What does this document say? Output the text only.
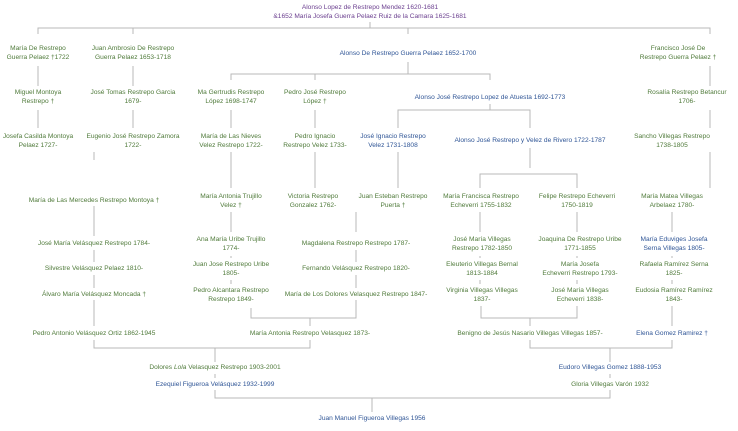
Alonso Lopez de Restrepo Mendez 1620-1681
&1652 María Josefa Guerra Pelaez Ruiz de la Camara 1625-1681
María De Restrepo
Guerra Pelaez †1722
Juan Ambrosio De Restrepo
Guerra Pelaez 1653-1718
Alonso De Restrepo Guerra Pelaez 1652-1700
Francisco José De
Restrepo Guerra Pelaez †
Miguel Montoya
Restrepo †
José Tomas Restrepo Garcia
1679-
Ma Gertrudis Restrepo
López 1698-1747
Pedro José Restrepo
López †
Alonso José Restrepo Lopez de Atuesta 1692-1773
Rosalía Restrepo Betancur
1706-
Josefa Casilda Montoya
Pelaez 1727-
Eugenio José Restrepo Zamora
1722-
María de Las Nieves
Velez Restrepo 1722-
Pedro Ignacio
Restrepo Velez 1733-
José Ignacio Restrepo
Velez 1731-1808
Alonso José Restrepo y Velez de Rivero 1722-1787
Sancho Villegas Restrepo
1738-1805
María de Las Mercedes Restrepo Montoya †
María Antonia Trujillo
Velez †
Victoria Restrepo
Gonzalez 1762-
Juan Esteban Restrepo
Puerta †
María Francisca Restrepo
Echeverri 1755-1832
Felipe Restrepo Echeverri
1750-1819
María Matea Villegas
Arbelaez 1780-
José María Velásquez Restrepo 1784-
Ana María Uribe Trujillo
1774-
Magdalena Restrepo Restrepo 1787-
José María Villegas
Restrepo 1782-1850
Joaquina De Restrepo Uribe
1771-1855
María Eduviges Josefa
Serna Villegas 1805-
Silvestre Velásquez Pelaez 1810-
Juan Jose Restrepo Uribe
1805-
Fernando Velásquez Restrepo 1820-
Eleuterio Villegas Bernal
1813-1884
María Josefa
Echeverri Restrepo 1793-
Rafaela Ramírez Serna
1825-
Álvaro María Velásquez Moncada †
Pedro Alcantara Restrepo
Restrepo 1849-
María de Los Dolores Velasquez Restrepo 1847-
Virginia Villegas Villegas
1837-
José María Villegas
Echeverri 1838-
Eudosia Ramírez Ramírez
1843-
Pedro Antonio Velásquez Ortiz 1862-1945	María Antonia Restrepo Velasquez 1873-	Benigno de Jesús Nasario Villegas Villegas 1857-	Elena Gomez Ramirez †
Dolores Lola Velasquez Restrepo 1903-2001	Eudoro Villegas Gomez 1888-1953
Ezequiel Figueroa Velásquez 1932-1999	Gloria Villegas Varón 1932
Juan Manuel Figueroa Villegas 1956
